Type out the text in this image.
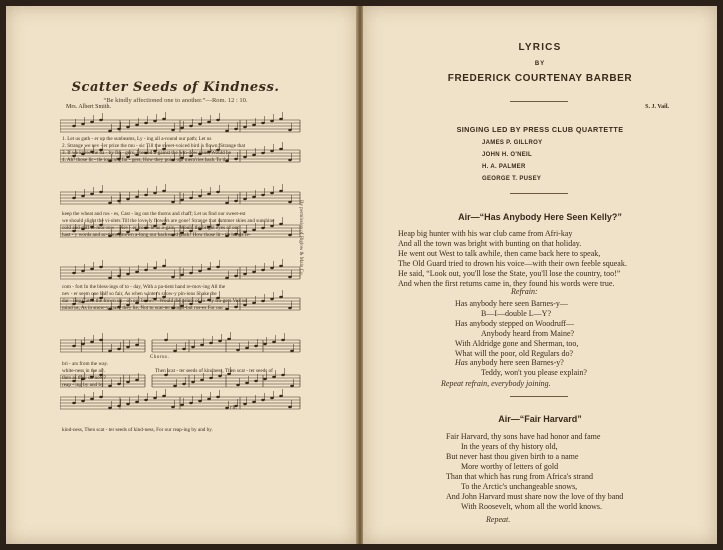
Scatter Seeds of Kindness.
“Be kindly affectioned one to another.”—Rom. 12 : 10.
Mrs. Albert Smith.	S. J. Vail.
1. Let us gath - er up the sunbeams, Ly - ing all a-round our path; Let us
2. Strange we nev - er prize the mu - sic Till the sweet-voiced bird is flown; Strange that
3. If we knew the ba - by fin - gers, Pressed a-gainst the win-dow pane, Would be
4. Ah! those lit - tle ice-cold fin - gers, How they point our mem'ries back To the
keep the wheat and ros - es, Cast - ing out the thorns and chaff; Let us find our sweet-est
we should slight the vi-olets Till the love-ly flowers are gone! Strange that summer skies and sunshine
cold and stiff to-mor-row—Nev - er troub-le us a-gain—Would the bright eyes of our
hast - y words and ac-tions Strewn a-long our backward track! How those lit - tle hands re-
com - fort In the bless-ings of to - day, With a pa-tient hand re-mov-ing All the
nev - er seem one half so fair, As when winter's snow-y pin-ions Shake the
dar - ling Catch the frown up - on our brow?—Would the prints of ro - sy fin-gers Vex us
mind us, As in snow-y grace they lie, Not to scat-ter thorns-but ros-es For our
Chorus.
bri - ars from the way.
white-ness in the air.
then as they do now?
reap - ing by and by.
Then scat - ter seeds of kindness, Then scat - ter seeds of
rit.
kind-ness, Then scat - ter seeds of kind-ness, For our reap-ing by and by.
By permission of Biglow & Main Co.
LYRICS
BY
FREDERICK COURTENAY BARBER
SINGING LED BY PRESS CLUB QUARTETTE
JAMES P. GILLROY
JOHN H. O'NEIL
H. A. PALMER
GEORGE T. PUSEY
Air—“Has Anybody Here Seen Kelly?”
Heap big hunter with his war club came from Afri-kay
And all the town was bright with bunting on that holiday.
He went out West to talk awhile, then came back here to speak,
The Old Guard tried to drown his voice—with their own feeble squeak.
He said, “Look out, you'll lose the State, you'll lose the country, too!”
And when the first returns came in, they found his words were true.
Refrain:
Has anybody here seen Barnes-y—
B—I—double L—Y?
Has anybody stepped on Woodruff—
Anybody heard from Maine?
With Aldridge gone and Sherman, too,
What will the poor, old Regulars do?
Has anybody here seen Barnes-y?
Teddy, won't you please explain?
Repeat refrain, everybody joining.
Air—“Fair Harvard”
Fair Harvard, thy sons have had honor and fame
In the years of thy history old,
But never hast thou given birth to a name
More worthy of letters of gold
Than that which has rung from Africa's strand
To the Arctic's unchangeable snows,
And John Harvard must share now the love of thy band
With Roosevelt, whom all the world knows.
Repeat.
